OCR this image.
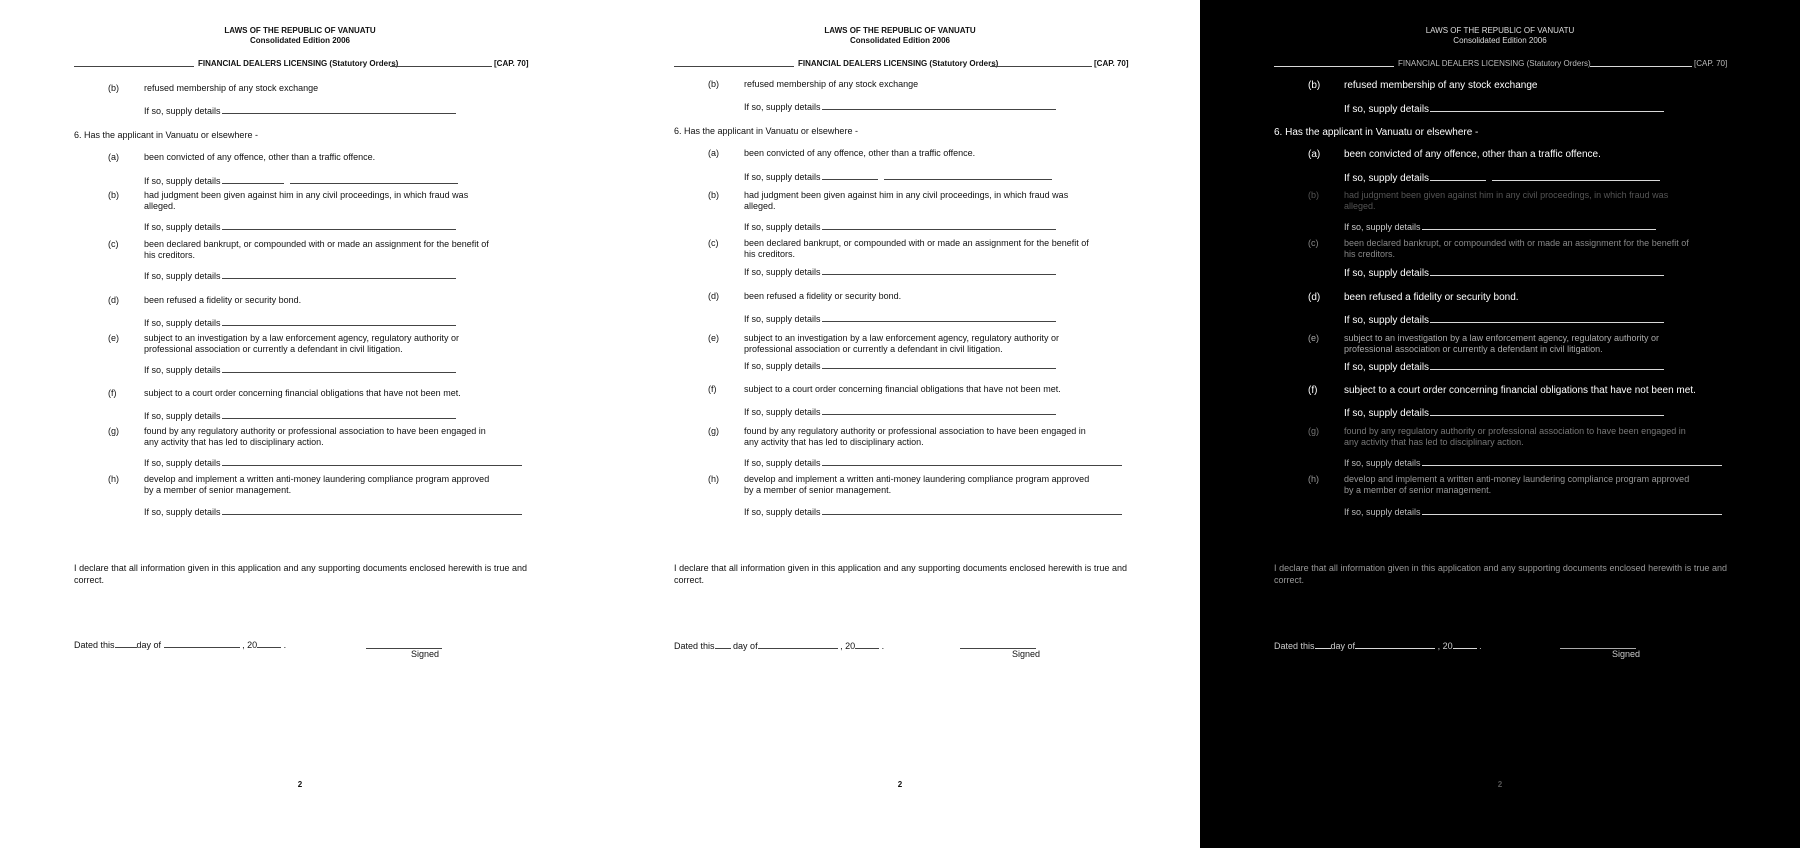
LAWS OF THE REPUBLIC OF VANUATU
Consolidated Edition 2006
FINANCIAL DEALERS LICENSING (Statutory Orders)	[CAP. 70]
(b)	refused membership of any stock exchange
If so, supply details
6. Has the applicant in Vanuatu or elsewhere -
(a)	been convicted of any offence, other than a traffic offence.
If so, supply details
(b)	had judgment been given against him in any civil proceedings, in which fraud was alleged.
If so, supply details
(c)	been declared bankrupt, or compounded with or made an assignment for the benefit of his creditors.
If so, supply details
(d)	been refused a fidelity or security bond.
If so, supply details
(e)	subject to an investigation by a law enforcement agency, regulatory authority or professional association or currently a defendant in civil litigation.
If so, supply details
(f)	subject to a court order concerning financial obligations that have not been met.
If so, supply details
(g)	found by any regulatory authority or professional association to have been engaged in any activity that has led to disciplinary action.
If so, supply details
(h)	develop and implement a written anti-money laundering compliance program approved by a member of senior management.
If so, supply details
I declare that all information given in this application and any supporting documents enclosed herewith is true and correct.
Dated this day of	, 20	.
Signed
2
LAWS OF THE REPUBLIC OF VANUATU
Consolidated Edition 2006
FINANCIAL DEALERS LICENSING (Statutory Orders)	[CAP. 70]
(b)	refused membership of any stock exchange
If so, supply details
6. Has the applicant in Vanuatu or elsewhere -
(a)	been convicted of any offence, other than a traffic offence.
If so, supply details
(b)	had judgment been given against him in any civil proceedings, in which fraud was alleged.
If so, supply details
(c)	been declared bankrupt, or compounded with or made an assignment for the benefit of his creditors.
If so, supply details
(d)	been refused a fidelity or security bond.
If so, supply details
(e)	subject to an investigation by a law enforcement agency, regulatory authority or professional association or currently a defendant in civil litigation.
If so, supply details
(f)	subject to a court order concerning financial obligations that have not been met.
If so, supply details
(g)	found by any regulatory authority or professional association to have been engaged in any activity that has led to disciplinary action.
If so, supply details
(h)	develop and implement a written anti-money laundering compliance program approved by a member of senior management.
If so, supply details
I declare that all information given in this application and any supporting documents enclosed herewith is true and correct.
Dated this day of	, 20	.
Signed
2
LAWS OF THE REPUBLIC OF VANUATU
Consolidated Edition 2006
FINANCIAL DEALERS LICENSING (Statutory Orders)	[CAP. 70]
(b) refused membership of any stock exchange
If so, supply details
6. Has the applicant in Vanuatu or elsewhere -
(a) been convicted of any offence, other than a traffic offence.
If so, supply details
(b)	had judgment been given against him in any civil proceedings, in which fraud was alleged.
If so, supply details
(c)	been declared bankrupt, or compounded with or made an assignment for the benefit of his creditors.
If so, supply details
(d) been refused a fidelity or security bond.
If so, supply details
(e)	subject to an investigation by a law enforcement agency, regulatory authority or professional association or currently a defendant in civil litigation.
If so, supply details
(f)	subject to a court order concerning financial obligations that have not been met.
If so, supply details
(g)	found by any regulatory authority or professional association to have been engaged in any activity that has led to disciplinary action.
If so, supply details
(h)	develop and implement a written anti-money laundering compliance program approved by a member of senior management.
If so, supply details
I declare that all information given in this application and any supporting documents enclosed herewith is true and correct.
Dated this day of	, 20	.
Signed
2
